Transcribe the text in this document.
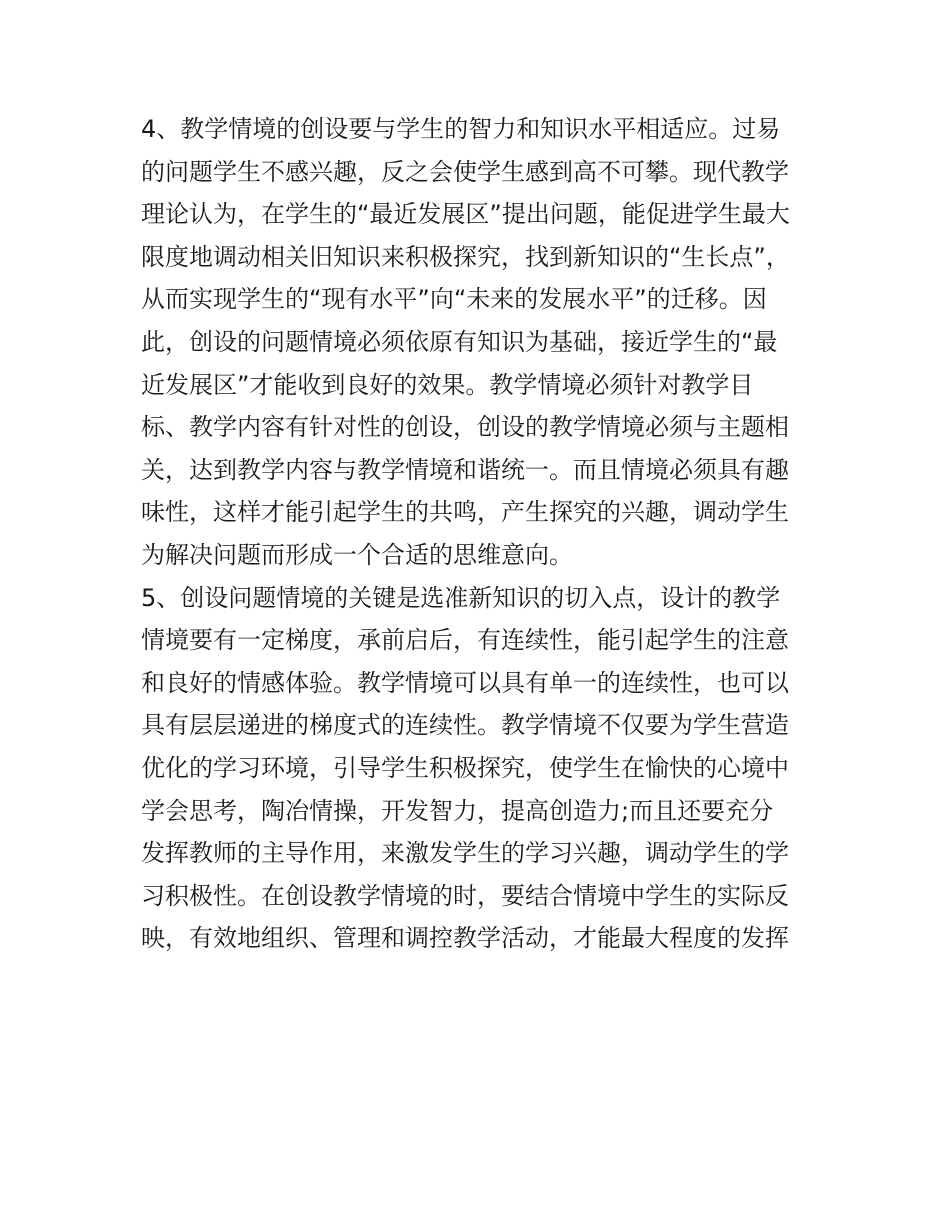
4、教学情境的创设要与学生的智力和知识水平相适应。过易
的问题学生不感兴趣，反之会使学生感到高不可攀。现代教学
理论认为，在学生的“最近发展区”提出问题，能促进学生最大
限度地调动相关旧知识来积极探究，找到新知识的“生长点”，
从而实现学生的“现有水平”向“未来的发展水平”的迁移。因
此，创设的问题情境必须依原有知识为基础，接近学生的“最
近发展区”才能收到良好的效果。教学情境必须针对教学目
标、教学内容有针对性的创设，创设的教学情境必须与主题相
关，达到教学内容与教学情境和谐统一。而且情境必须具有趣
味性，这样才能引起学生的共鸣，产生探究的兴趣，调动学生
为解决问题而形成一个合适的思维意向。
5、创设问题情境的关键是选准新知识的切入点，设计的教学
情境要有一定梯度，承前启后，有连续性，能引起学生的注意
和良好的情感体验。教学情境可以具有单一的连续性，也可以
具有层层递进的梯度式的连续性。教学情境不仅要为学生营造
优化的学习环境，引导学生积极探究，使学生在愉快的心境中
学会思考，陶冶情操，开发智力，提高创造力;而且还要充分
发挥教师的主导作用，来激发学生的学习兴趣，调动学生的学
习积极性。在创设教学情境的时，要结合情境中学生的实际反
映，有效地组织、管理和调控教学活动，才能最大程度的发挥
